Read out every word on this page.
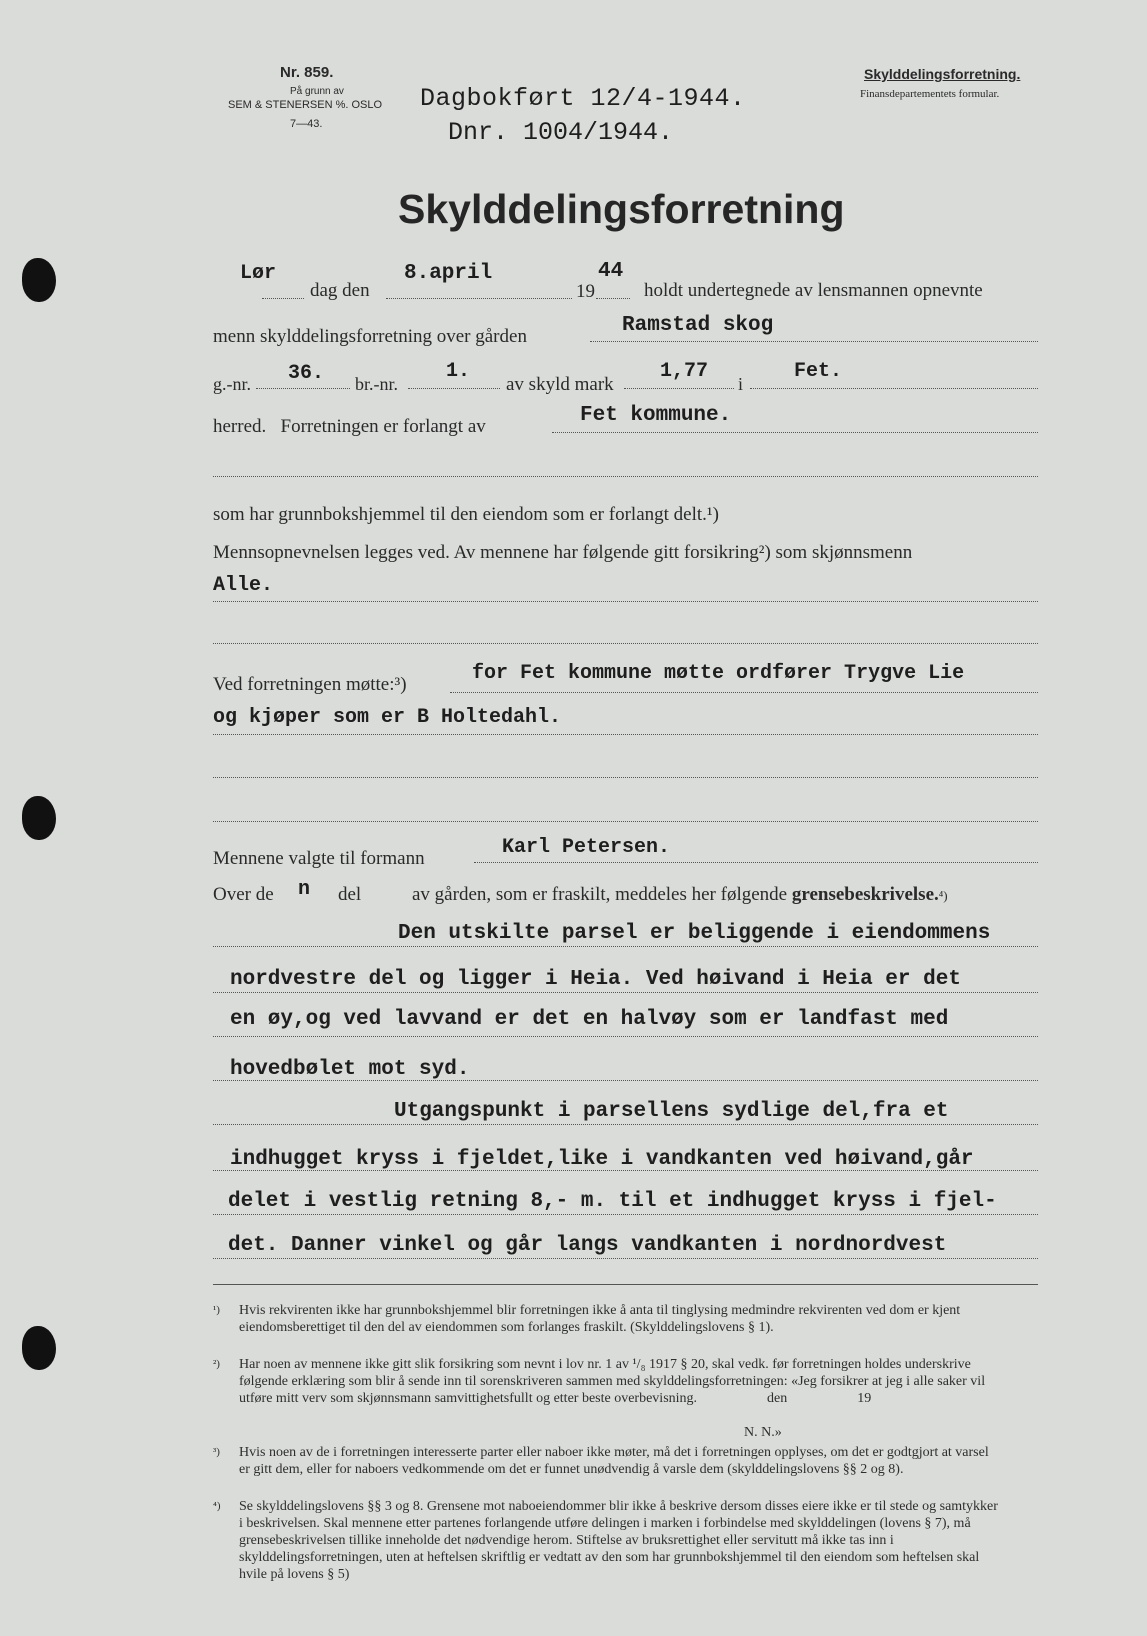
Nr. 859.
På grunn av
SEM & STENERSEN %. OSLO
7—43.
Dagbokført 12/4-1944.
Dnr. 1004/1944.
Skylddelingsforretning.
Finansdepartementets formular.
Skylddelingsforretning
Lør
dag den
8.april
19
44
holdt undertegnede av lensmannen opnevnte
menn skylddelingsforretning over gården	Ramstad skog
g.-nr. 36. br.-nr.
1.
av skyld mark
1,77
i
Fet.
herred.   Forretningen er forlangt av	Fet kommune.
som har grunnbokshjemmel til den eiendom som er forlangt delt.¹)
Mennsopnevnelsen legges ved. Av mennene har følgende gitt forsikring²) som skjønnsmenn
Alle.
Ved forretningen møtte:³)	for Fet kommune møtte ordfører Trygve Lie
og kjøper som er B Holtedahl.
Mennene valgte til formann	Karl Petersen.
Over de n del	av gården, som er fraskilt, meddeles her følgende grensebeskrivelse.⁴)
Den utskilte parsel er beliggende i eiendommens
nordvestre del og ligger i Heia. Ved høivand i Heia er det
en øy,og ved lavvand er det en halvøy som er landfast med
hovedbølet mot syd.
Utgangspunkt i parsellens sydlige del,fra et
indhugget kryss i fjeldet,like i vandkanten ved høivand,går
delet i vestlig retning 8,- m. til et indhugget kryss i fjel-
det. Danner vinkel og går langs vandkanten i nordnordvest
¹) Hvis rekvirenten ikke har grunnbokshjemmel blir forretningen ikke å anta til tinglysing medmindre rekvirenten ved dom er kjent eiendomsberettiget til den del av eiendommen som forlanges fraskilt. (Skylddelingslovens § 1).
²) Har noen av mennene ikke gitt slik forsikring som nevnt i lov nr. 1 av ¹/₈ 1917 § 20, skal vedk. før forretningen holdes underskrive følgende erklæring som blir å sende inn til sorenskriveren sammen med skylddelingsforretningen: «Jeg forsikrer at jeg i alle saker vil utføre mitt verv som skjønnsmann samvittighetsfullt og etter beste overbevisning.                    den                    19
N. N.»
³) Hvis noen av de i forretningen interesserte parter eller naboer ikke møter, må det i forretningen opplyses, om det er godtgjort at varsel er gitt dem, eller for naboers vedkommende om det er funnet unødvendig å varsle dem (skylddelingslovens §§ 2 og 8).
⁴) Se skylddelingslovens §§ 3 og 8. Grensene mot naboeiendommer blir ikke å beskrive dersom disses eiere ikke er til stede og samtykker i beskrivelsen. Skal mennene etter partenes forlangende utføre delingen i marken i forbindelse med skylddelingen (lovens § 7), må grensebeskrivelsen tillike inneholde det nødvendige herom. Stiftelse av bruksrettighet eller servitutt må ikke tas inn i skylddelingsforretningen, uten at heftelsen skriftlig er vedtatt av den som har grunnbokshjemmel til den eiendom som heftelsen skal hvile på lovens § 5)
